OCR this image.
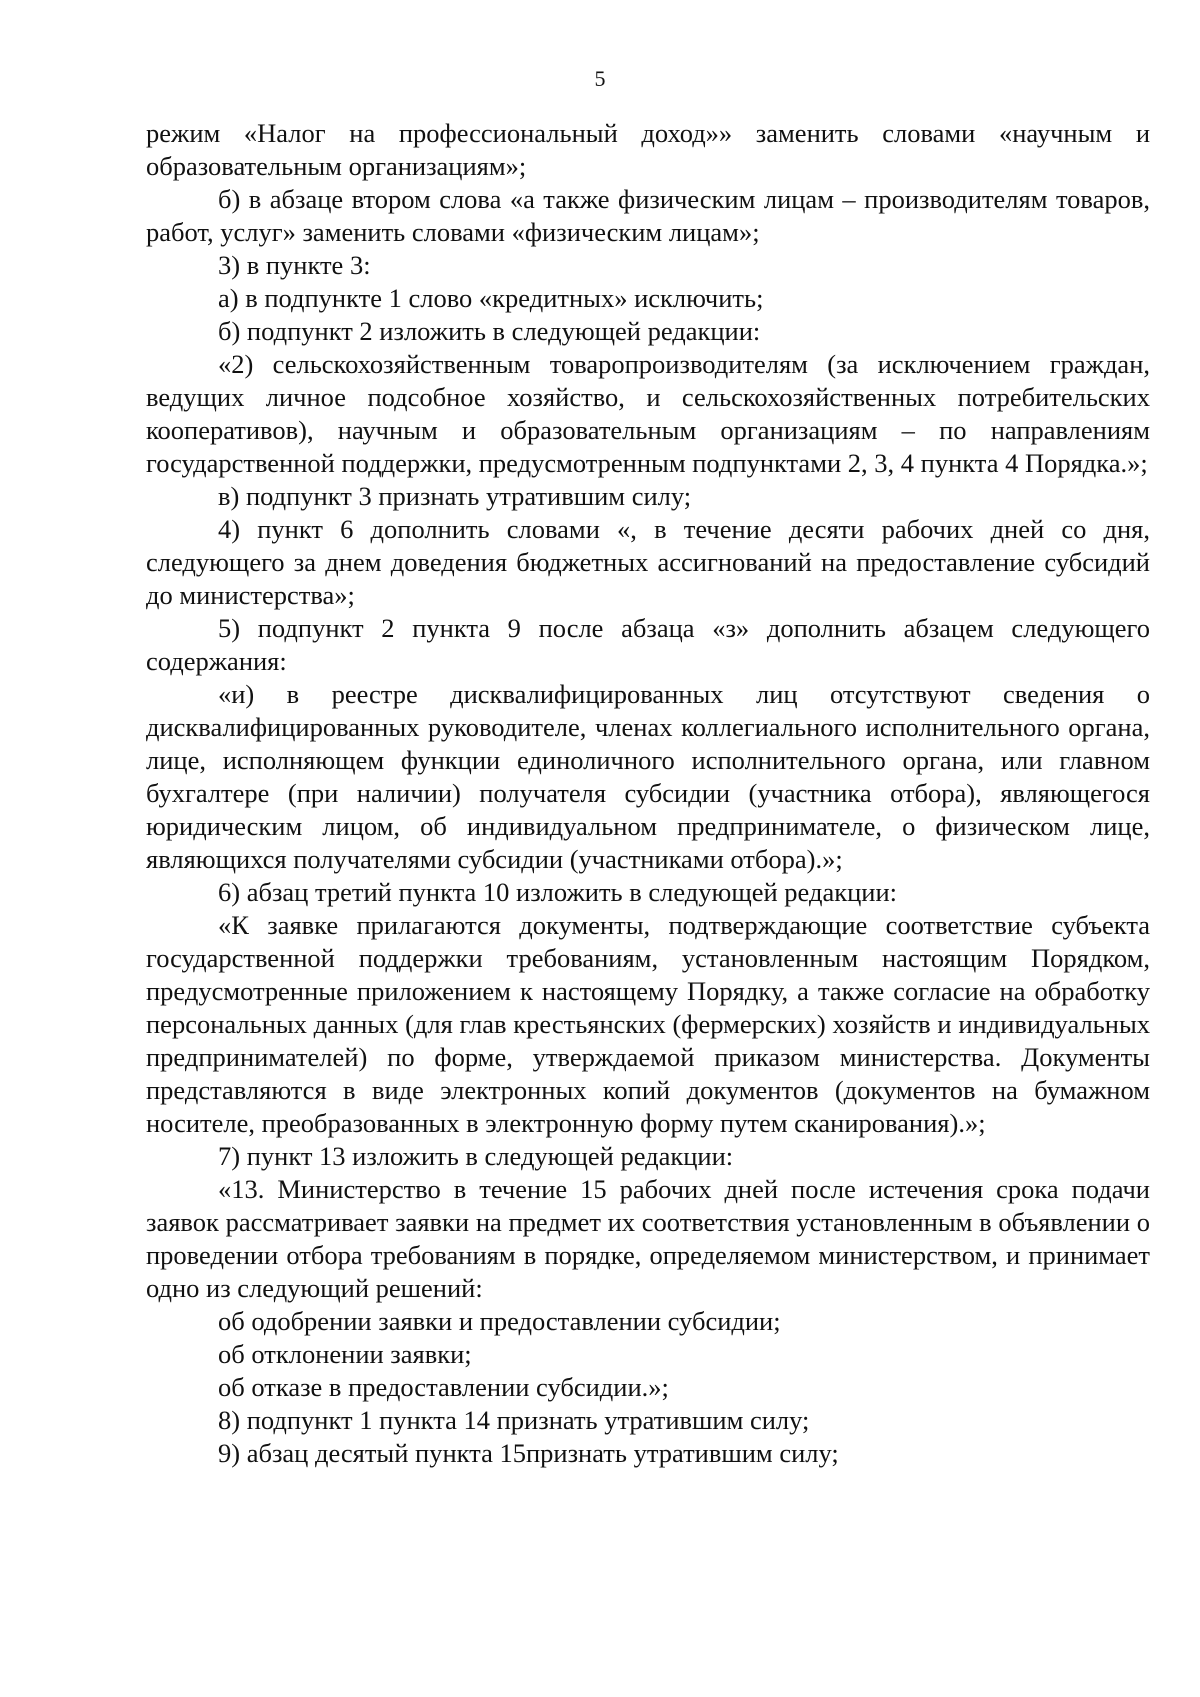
5

режим «Налог на профессиональный доход»» заменить словами «научным и образовательным организациям»;

б) в абзаце втором слова «а также физическим лицам – производителям товаров, работ, услуг» заменить словами «физическим лицам»;

3) в пункте 3:

а) в подпункте 1 слово «кредитных» исключить;

б) подпункт 2 изложить в следующей редакции:

«2) сельскохозяйственным товаропроизводителям (за исключением граждан, ведущих личное подсобное хозяйство, и сельскохозяйственных потребительских кооперативов), научным и образовательным организациям – по направлениям государственной поддержки, предусмотренным подпунктами 2, 3, 4 пункта 4 Порядка.»;

в) подпункт 3 признать утратившим силу;

4) пункт 6 дополнить словами «, в течение десяти рабочих дней со дня, следующего за днем доведения бюджетных ассигнований на предоставление субсидий до министерства»;

5) подпункт 2 пункта 9 после абзаца «з» дополнить абзацем следующего содержания:

«и) в реестре дисквалифицированных лиц отсутствуют сведения о дисквалифицированных руководителе, членах коллегиального исполнительного органа, лице, исполняющем функции единоличного исполнительного органа, или главном бухгалтере (при наличии) получателя субсидии (участника отбора), являющегося юридическим лицом, об индивидуальном предпринимателе, о физическом лице, являющихся получателями субсидии (участниками отбора).»;

6) абзац третий пункта 10 изложить в следующей редакции:

«К заявке прилагаются документы, подтверждающие соответствие субъекта государственной поддержки требованиям, установленным настоящим Порядком, предусмотренные приложением к настоящему Порядку, а также согласие на обработку персональных данных (для глав крестьянских (фермерских) хозяйств и индивидуальных предпринимателей) по форме, утверждаемой приказом министерства. Документы представляются в виде электронных копий документов (документов на бумажном носителе, преобразованных в электронную форму путем сканирования).»;

7) пункт 13 изложить в следующей редакции:

«13. Министерство в течение 15 рабочих дней после истечения срока подачи заявок рассматривает заявки на предмет их соответствия установленным в объявлении о проведении отбора требованиям в порядке, определяемом министерством, и принимает одно из следующий решений:

об одобрении заявки и предоставлении субсидии;

об отклонении заявки;

об отказе в предоставлении субсидии.»;

8) подпункт 1 пункта 14 признать утратившим силу;

9) абзац десятый пункта 15признать утратившим силу;
